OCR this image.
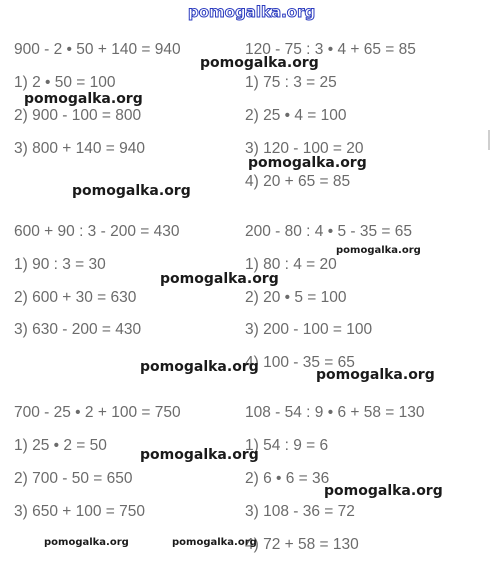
pomogalka.org
900 - 2 • 50 + 140 = 940
1) 2 • 50 = 100
2) 900 - 100 = 800
3) 800 + 140 = 940
120 - 75 : 3 • 4 + 65 = 85
1) 75 : 3 = 25
2) 25 • 4 = 100
3) 120 - 100 = 20
4) 20 + 65 = 85
600 + 90 : 3 - 200 = 430
1) 90 : 3 = 30
2) 600 + 30 = 630
3) 630 - 200 = 430
200 - 80 : 4 • 5 - 35 = 65
1) 80 : 4 = 20
2) 20 • 5 = 100
3) 200 - 100 = 100
4) 100 - 35 = 65
700 - 25 • 2 + 100 = 750
1) 25 • 2 = 50
2) 700 - 50 = 650
3) 650 + 100 = 750
108 - 54 : 9 • 6 + 58 = 130
1) 54 : 9 = 6
2) 6 • 6 = 36
3) 108 - 36 = 72
4) 72 + 58 = 130
pomogalka.org
pomogalka.org
pomogalka.org
pomogalka.org
pomogalka.org
pomogalka.org
pomogalka.org	pomogalka.org
pomogalka.org
pomogalka.org
pomogalka.org	pomogalka.org
